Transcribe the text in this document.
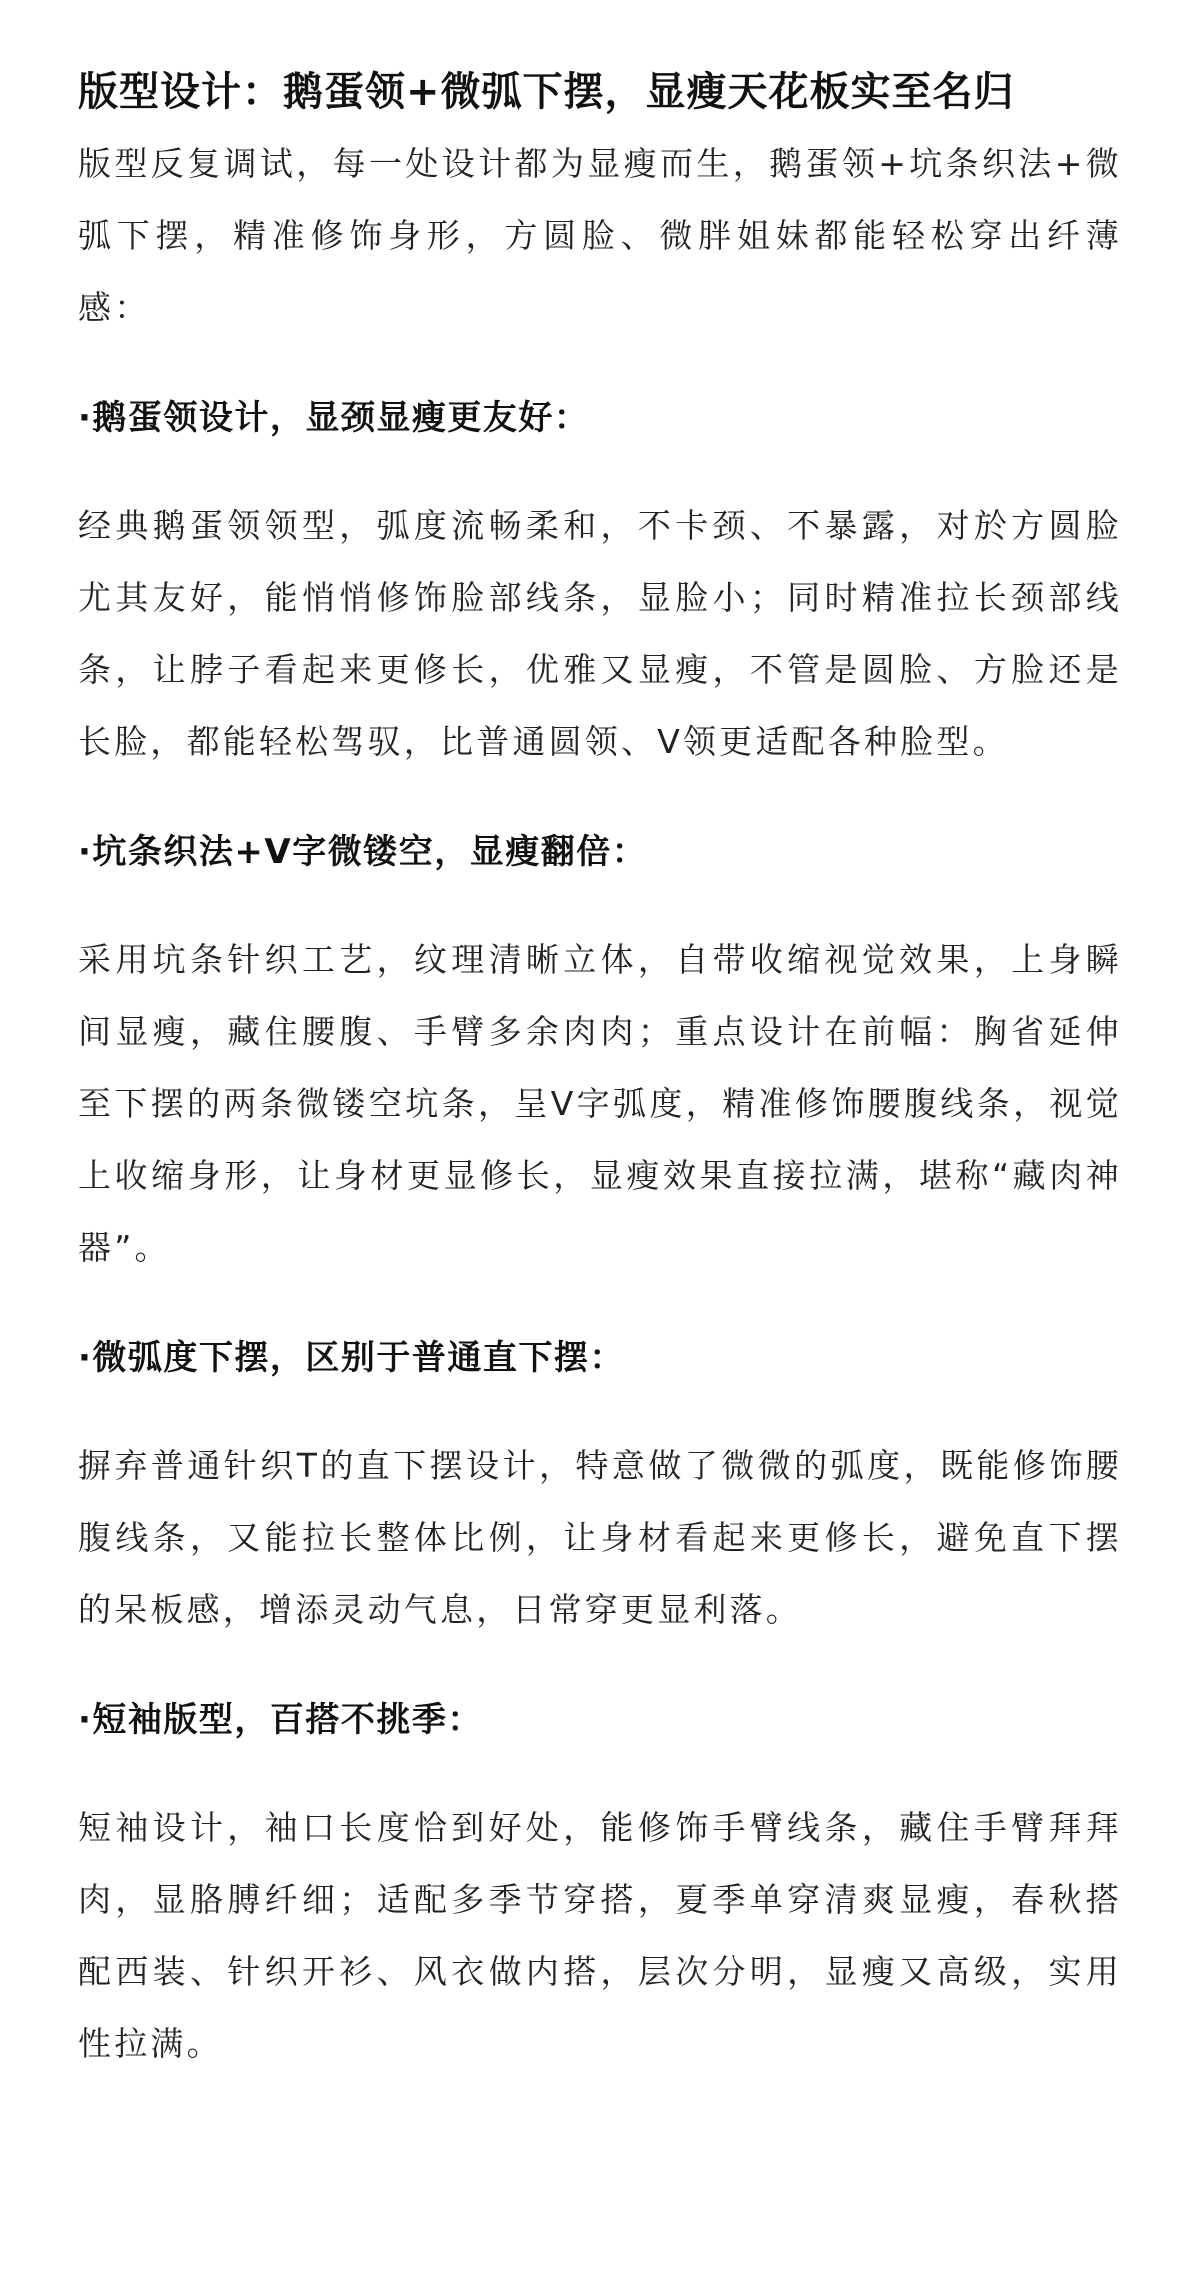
版型设计：鹅蛋领+微弧下摆，显瘦天花板实至名归

版型反复调试，每一处设计都为显瘦而生，鹅蛋领+坑条织法+微弧下摆，精准修饰身形，方圆脸、微胖姐妹都能轻松穿出纤薄感：

·鹅蛋领设计，显颈显瘦更友好：

经典鹅蛋领领型，弧度流畅柔和，不卡颈、不暴露，对於方圆脸尤其友好，能悄悄修饰脸部线条，显脸小；同时精准拉长颈部线条，让脖子看起来更修长，优雅又显瘦，不管是圆脸、方脸还是长脸，都能轻松驾驭，比普通圆领、V领更适配各种脸型。

·坑条织法+V字微镂空，显瘦翻倍：

采用坑条针织工艺，纹理清晰立体，自带收缩视觉效果，上身瞬间显瘦，藏住腰腹、手臂多余肉肉；重点设计在前幅：胸省延伸至下摆的两条微镂空坑条，呈V字弧度，精准修饰腰腹线条，视觉上收缩身形，让身材更显修长，显瘦效果直接拉满，堪称“藏肉神器”。

·微弧度下摆，区别于普通直下摆：

摒弃普通针织T的直下摆设计，特意做了微微的弧度，既能修饰腰腹线条，又能拉长整体比例，让身材看起来更修长，避免直下摆的呆板感，增添灵动气息，日常穿更显利落。

·短袖版型，百搭不挑季：

短袖设计，袖口长度恰到好处，能修饰手臂线条，藏住手臂拜拜肉，显胳膊纤细；适配多季节穿搭，夏季单穿清爽显瘦，春秋搭配西装、针织开衫、风衣做内搭，层次分明，显瘦又高级，实用性拉满。
